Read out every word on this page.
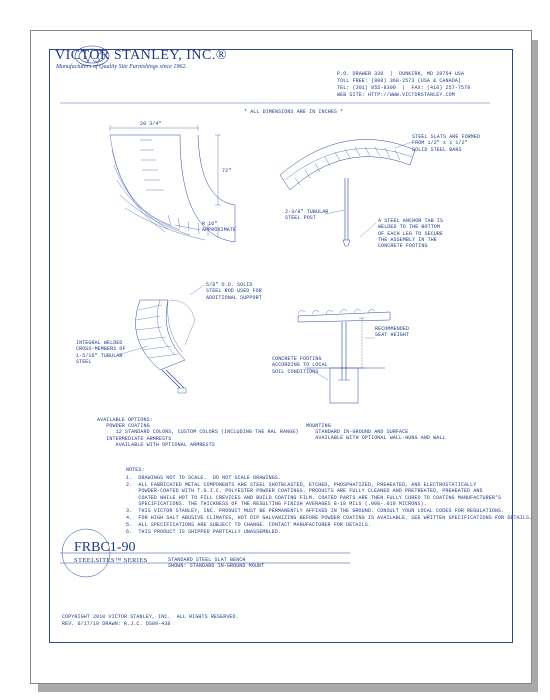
VICTOR STANLEY, INC.®
Manufacturers of Quality Site Furnishings since 1962.
P.O. DRAWER 330  |  DUNKIRK, MD 20754 USA
TOLL FREE: (800) 368-2573 (USA & CANADA)
TEL: (301) 855-8300  |  FAX: (410) 257-7579
WEB SITE: HTTP://WWW.VICTORSTANLEY.COM
* ALL DIMENSIONS ARE IN INCHES *
20 3/4"
72"
R 16"
APPROXIMATE
STEEL SLATS ARE FORMED
FROM 1/2" x 1 1/2"
SOLID STEEL BARS
2-3/8" TUBULAR
STEEL POST	A STEEL ANCHOR TAB IS
WELDED TO THE BOTTOM
OF EACH LEG TO SECURE
THE ASSEMBLY IN THE
CONCRETE FOOTING
5/8" O.D. SOLID
STEEL ROD USED FOR
ADDITIONAL SUPPORT
INTEGRAL WELDED
CROSS-MEMBERS OF
1-5/16" TUBULAR
STEEL
RECOMMENDED
SEAT HEIGHT
CONCRETE FOOTING
ACCORDING TO LOCAL
SOIL CONDITIONS
AVAILABLE OPTIONS:
POWDER COATING
12 STANDARD COLORS, CUSTOM COLORS (INCLUDING THE RAL RANGE)
INTERMEDIATE ARMRESTS
AVAILABLE WITH OPTIONAL ARMRESTS
MOUNTING
STANDARD IN-GROUND AND SURFACE
AVAILABLE WITH OPTIONAL WALL-HUNG AND WALL
NOTES:
1.  DRAWINGS NOT TO SCALE.  DO NOT SCALE DRAWINGS.
2.  ALL FABRICATED METAL COMPONENTS ARE STEEL SHOTBLASTED, ETCHED, PHOSPHATIZED, PREHEATED, AND ELECTROSTATICALLY
POWDER-COATED WITH T.G.I.C. POLYESTER POWDER COATINGS. PRODUCTS ARE FULLY CLEANED AND PRETREATED, PREHEATED AND
COATED WHILE HOT TO FILL CREVICES AND BUILD COATING FILM. COATED PARTS ARE THEN FULLY CURED TO COATING MANUFACTURER'S
SPECIFICATIONS. THE THICKNESS OF THE RESULTING FINISH AVERAGES 8-10 MILS (.008-.010 MICRONS).
3.  THIS VICTOR STANLEY, INC. PRODUCT MUST BE PERMANENTLY AFFIXED IN THE GROUND. CONSULT YOUR LOCAL CODES FOR REGULATIONS.
4.  FOR HIGH SALT ABUSIVE CLIMATES, HOT DIP GALVANIZING BEFORE POWDER COATING IS AVAILABLE. SEE WRITTEN SPECIFICATIONS FOR DETAILS.
5.  ALL SPECIFICATIONS ARE SUBJECT TO CHANGE. CONTACT MANUFACTURER FOR DETAILS.
6.  THIS PRODUCT IS SHIPPED PARTIALLY UNASSEMBLED.
FRBC1-90
STEELSITES™ SERIES	STANDARD STEEL SLAT BENCH
SHOWN: STANDARD IN-GROUND MOUNT
COPYRIGHT 2010 VICTOR STANLEY, INC.  ALL RIGHTS RESERVED.
REV. 6/17/10 DRAWN: R.J.C. DS09-438
